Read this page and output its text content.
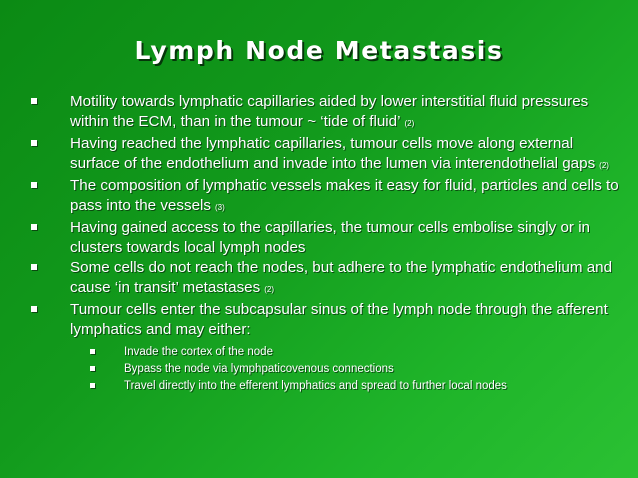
Lymph Node Metastasis
Motility towards lymphatic capillaries aided by lower interstitial fluid pressures within the ECM, than in the tumour ~ ‘tide of fluid’ (2)
Having reached the lymphatic capillaries, tumour cells move along external surface of the endothelium and invade into the lumen via interendothelial gaps (2)
The composition of lymphatic vessels makes it easy for fluid, particles and cells to pass into the vessels (3)
Having gained access to the capillaries, the tumour cells embolise singly or in clusters towards local lymph nodes
Some cells do not reach the nodes, but adhere to the lymphatic endothelium and cause ‘in transit’ metastases (2)
Tumour cells enter the subcapsular sinus of the lymph node through the afferent lymphatics and may either:
Invade the cortex of the node
Bypass the node via lymphpaticovenous connections
Travel directly into the efferent lymphatics and spread to further local nodes
